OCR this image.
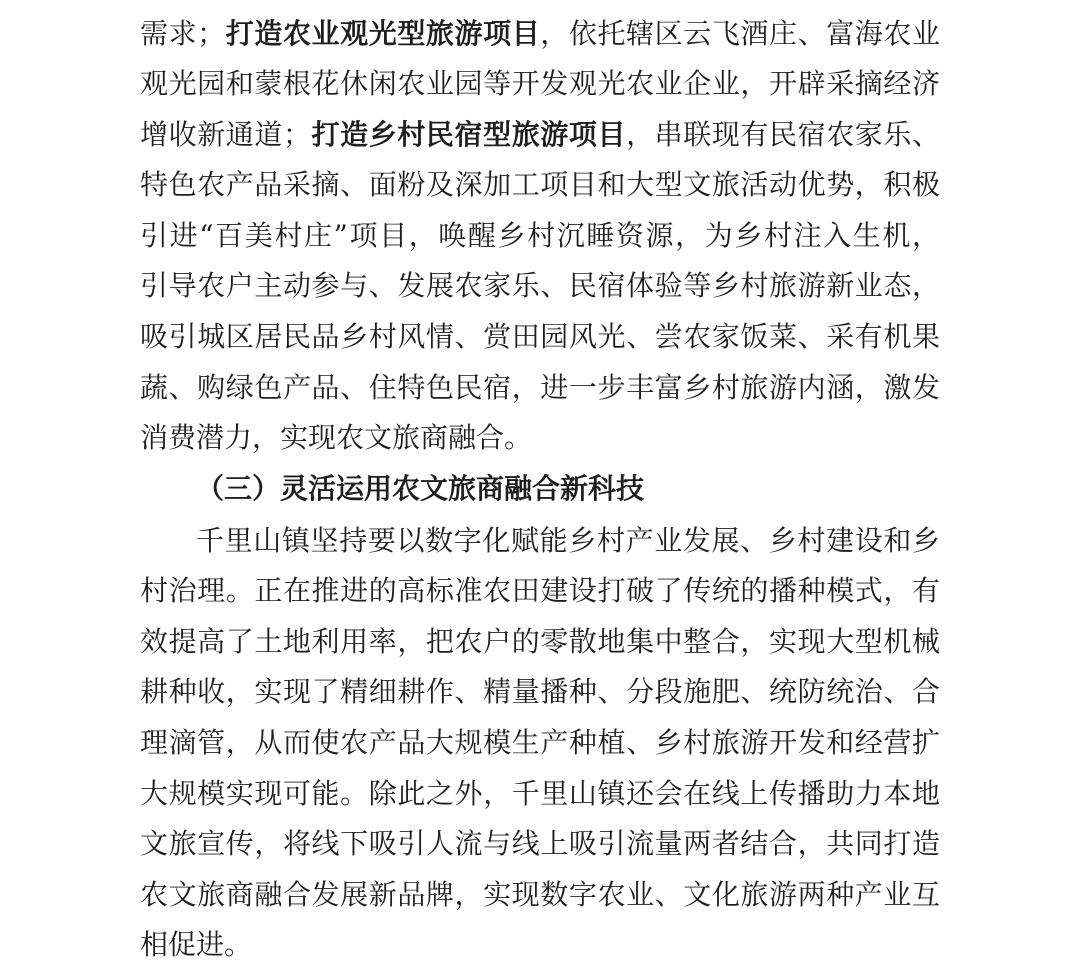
需求；打造农业观光型旅游项目，依托辖区云飞酒庄、富海农业
观光园和蒙根花休闲农业园等开发观光农业企业，开辟采摘经济
增收新通道；打造乡村民宿型旅游项目，串联现有民宿农家乐、
特色农产品采摘、面粉及深加工项目和大型文旅活动优势，积极
引进“百美村庄”项目，唤醒乡村沉睡资源，为乡村注入生机，
引导农户主动参与、发展农家乐、民宿体验等乡村旅游新业态，
吸引城区居民品乡村风情、赏田园风光、尝农家饭菜、采有机果
蔬、购绿色产品、住特色民宿，进一步丰富乡村旅游内涵，激发
消费潜力，实现农文旅商融合。
（三）灵活运用农文旅商融合新科技
千里山镇坚持要以数字化赋能乡村产业发展、乡村建设和乡
村治理。正在推进的高标准农田建设打破了传统的播种模式，有
效提高了土地利用率，把农户的零散地集中整合，实现大型机械
耕种收，实现了精细耕作、精量播种、分段施肥、统防统治、合
理滴管，从而使农产品大规模生产种植、乡村旅游开发和经营扩
大规模实现可能。除此之外，千里山镇还会在线上传播助力本地
文旅宣传，将线下吸引人流与线上吸引流量两者结合，共同打造
农文旅商融合发展新品牌，实现数字农业、文化旅游两种产业互
相促进。
